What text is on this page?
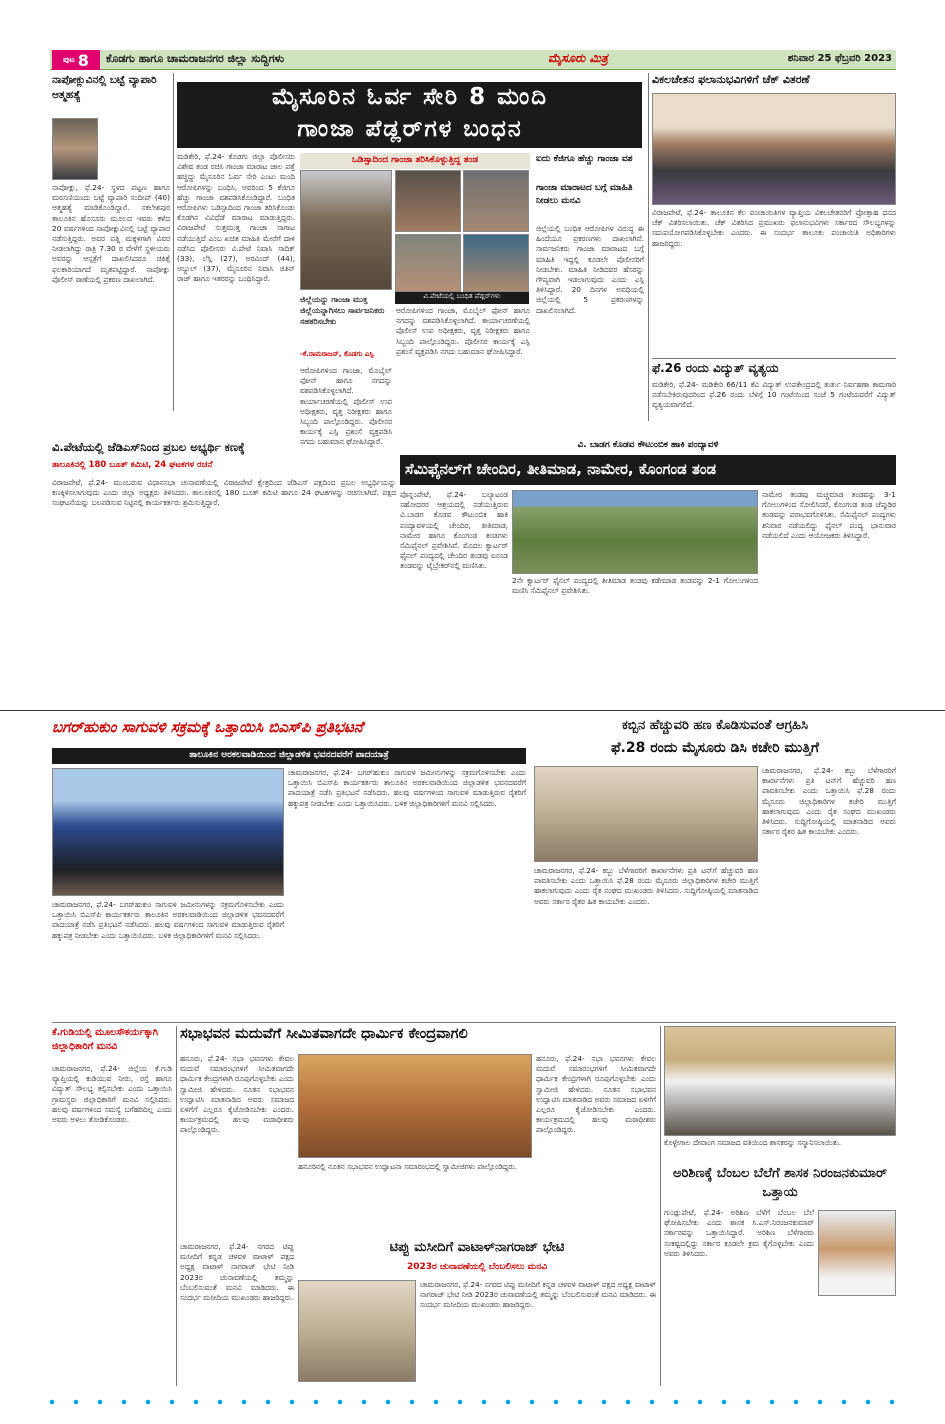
ಪುಟ 8 ಕೊಡಗು ಹಾಗೂ ಚಾಮರಾಜನಗರ ಜಿಲ್ಲಾ ಸುದ್ದಿಗಳು	ಮೈಸೂರು ಮಿತ್ರ	ಶನಿವಾರ 25 ಫೆಬ್ರವರಿ 2023
ನಾಪೋಕ್ಲುವಿನಲ್ಲಿ ಬಟ್ಟೆ ವ್ಯಾಪಾರಿ ಆತ್ಮಹತ್ಯೆ
ನಾಪೋಕ್ಲು, ಫೆ.24- ಸ್ಥಳದ ಪಟ್ಟಣ ಹಾಗೂ ಮರಸಣಿಯಂದು ಬಟ್ಟೆ ವ್ಯಾಪಾರಿ ಸಂದೀಪ್ (40) ಆತ್ಮಹತ್ಯೆ ಮಾಡಿಕೊಂಡಿದ್ದಾರೆ. ಸಕಲೇಶಪುರ ತಾಲೂಕಿನ ಹೊಸೂರು ಮೂಲದ ಇವರು ಕಳೆದ 20 ವರ್ಷಗಳಿಂದ ನಾಪೋಕ್ಲುವಿನಲ್ಲಿ ಬಟ್ಟೆ ವ್ಯಾಪಾರ ನಡೆಸುತ್ತಿದ್ದರು. ಅವರ ಪತ್ನಿ ಮಕ್ಕಳಿಗಾಗಿ ವಿವರ ನೀಡಲಾಗಿದ್ದು ರಾತ್ರಿ 7.30 ರ ವೇಳೆಗೆ ಸ್ಥಳೀಯರು ಅವರನ್ನು ಆಸ್ಪತ್ರೆಗೆ ದಾಖಲಿಸಿದರೂ ಚಿಕಿತ್ಸೆ ಫಲಕಾರಿಯಾಗದೆ ಮೃತಪಟ್ಟಿದ್ದಾರೆ. ನಾಪೋಕ್ಲು ಪೊಲೀಸ್ ಠಾಣೆಯಲ್ಲಿ ಪ್ರಕರಣ ದಾಖಲಾಗಿದೆ.
ಮೈಸೂರಿನ ಓರ್ವ ಸೇರಿ 8 ಮಂದಿ
ಗಾಂಜಾ ಪೆಡ್ಲರ್‌ಗಳ ಬಂಧನ
ಮಡಿಕೇರಿ, ಫೆ.24- ಕೊಡಗು ಜಿಲ್ಲಾ ಪೊಲೀಸರು ವಿಶೇಷ ತಂಡ ರಚಿಸಿ ಗಾಂಜಾ ಮಾರಾಟ ಜಾಲ ಪತ್ತೆ ಹಚ್ಚಿದ್ದು ಮೈಸೂರಿನ ಓರ್ವ ಸೇರಿ ಎಂಟು ಮಂದಿ ಆರೋಪಿಗಳನ್ನು ಬಂಧಿಸಿ, ಅವರಿಂದ 5 ಕೆಜಿಗೂ ಹೆಚ್ಚು ಗಾಂಜಾ ವಶಪಡಿಸಿಕೊಂಡಿದ್ದಾರೆ. ಬಂಧಿತ ಆರೋಪಿಗಳು ಒಡಿಸ್ಸಾದಿಂದ ಗಾಂಜಾ ತರಿಸಿಕೊಂಡು ಕೊಡಗಿನ ವಿವಿಧೆಡೆ ಮಾರಾಟ ಮಾಡುತ್ತಿದ್ದರು. ವಿರಾಜಪೇಟೆ ಸುತ್ತಮುತ್ತ ಗಾಂಜಾ ಸಾಗಾಟ ನಡೆಯುತ್ತಿದೆ ಎಂಬ ಖಚಿತ ಮಾಹಿತಿ ಮೇರೆಗೆ ದಾಳಿ ನಡೆಸಿದ ಪೊಲೀಸರು ವಿ.ಪೇಟೆ ನಿವಾಸಿ ಸಾದಿಕ್ (33), ಲೆಸ್ಲಿ (27), ಅರವಿಂದ್ (44), ಅಬ್ದುಲ್ (37), ಮೈಸೂರಿನ ನಿವಾಸಿ ಜಿತಿನ್ ರಾಜ್ ಹಾಗೂ ಇತರರನ್ನು ಬಂಧಿಸಿದ್ದಾರೆ.
ಒಡಿಸ್ಸಾದಿಂದ ಗಾಂಜಾ ತರಿಸಿಕೊಳ್ಳುತ್ತಿದ್ದ ತಂಡ
ವಿ.ಪೇಟೆಯಲ್ಲಿ ಬಂಧಿತ ಪೆಡ್ಲರ್‌ಗಳು
ಜಿಲ್ಲೆಯನ್ನು ಗಾಂಜಾ ಮುಕ್ತ ಜಿಲ್ಲೆಯನ್ನಾಗಿಸಲು ಸಾರ್ವಜನಿಕರು ಸಹಕರಿಸಬೇಕು
-ಕೆ.ರಾಮರಾಜನ್, ಕೊಡಗು ಎಸ್ಪಿ
ಆರೋಪಿಗಳಿಂದ ಗಾಂಜಾ, ಮೊಬೈಲ್ ಫೋನ್ ಹಾಗೂ ನಗದನ್ನು ವಶಪಡಿಸಿಕೊಳ್ಳಲಾಗಿದೆ. ಕಾರ್ಯಾಚರಣೆಯಲ್ಲಿ ಪೊಲೀಸ್ ಉಪ ಅಧೀಕ್ಷಕರು, ವೃತ್ತ ನಿರೀಕ್ಷಕರು ಹಾಗೂ ಸಿಬ್ಬಂದಿ ಪಾಲ್ಗೊಂಡಿದ್ದರು. ಪೊಲೀಸರ ಕಾರ್ಯಕ್ಕೆ ಎಸ್ಪಿ ಪ್ರಶಂಸೆ ವ್ಯಕ್ತಪಡಿಸಿ ನಗದು ಬಹುಮಾನ ಘೋಷಿಸಿದ್ದಾರೆ.
ಆರೋಪಿಗಳಿಂದ ಗಾಂಜಾ, ಮೊಬೈಲ್ ಫೋನ್ ಹಾಗೂ ನಗದನ್ನು ವಶಪಡಿಸಿಕೊಳ್ಳಲಾಗಿದೆ. ಕಾರ್ಯಾಚರಣೆಯಲ್ಲಿ ಪೊಲೀಸ್ ಉಪ ಅಧೀಕ್ಷಕರು, ವೃತ್ತ ನಿರೀಕ್ಷಕರು ಹಾಗೂ ಸಿಬ್ಬಂದಿ ಪಾಲ್ಗೊಂಡಿದ್ದರು. ಪೊಲೀಸರ ಕಾರ್ಯಕ್ಕೆ ಎಸ್ಪಿ ಪ್ರಶಂಸೆ ವ್ಯಕ್ತಪಡಿಸಿ ನಗದು ಬಹುಮಾನ ಘೋಷಿಸಿದ್ದಾರೆ.
ಐದು ಕೆಜಿಗೂ ಹೆಚ್ಚು ಗಾಂಜಾ ವಶ
ಗಾಂಜಾ ಮಾರಾಟದ ಬಗ್ಗೆ ಮಾಹಿತಿ ನೀಡಲು ಮನವಿ
ಜಿಲ್ಲೆಯಲ್ಲಿ ಬಂಧಿತ ಆರೋಪಿಗಳ ವಿರುದ್ಧ ಈ ಹಿಂದೆಯೂ ಪ್ರಕರಣಗಳು ದಾಖಲಾಗಿವೆ. ಸಾರ್ವಜನಿಕರು ಗಾಂಜಾ ಮಾರಾಟದ ಬಗ್ಗೆ ಮಾಹಿತಿ ಇದ್ದಲ್ಲಿ ಕೂಡಲೇ ಪೊಲೀಸರಿಗೆ ನೀಡಬೇಕು. ಮಾಹಿತಿ ನೀಡಿದವರ ಹೆಸರನ್ನು ಗೌಪ್ಯವಾಗಿ ಇಡಲಾಗುವುದು ಎಂದು ಎಸ್ಪಿ ತಿಳಿಸಿದ್ದಾರೆ. 20 ದಿನಗಳ ಅವಧಿಯಲ್ಲಿ ಜಿಲ್ಲೆಯಲ್ಲಿ 5 ಪ್ರಕರಣಗಳನ್ನು ದಾಖಲಿಸಲಾಗಿದೆ.
ವಿಕಲಚೇತನ ಫಲಾನುಭವಿಗಳಿಗೆ ಚೆಕ್ ವಿತರಣೆ
ವಿರಾಜಪೇಟೆ, ಫೆ.24- ತಾಲೂಕಿನ ಕೆಲ ಪಂಚಾಯಿತಿಗಳ ವ್ಯಾಪ್ತಿಯ ವಿಕಲಚೇತನರಿಗೆ ಪ್ರೋತ್ಸಾಹ ಧನದ ಚೆಕ್ ವಿತರಿಸಲಾಯಿತು. ಚೆಕ್ ವಿತರಿಸಿದ ಪ್ರಮುಖರು ಫಲಾನುಭವಿಗಳು ಸರ್ಕಾರದ ಸೌಲಭ್ಯಗಳನ್ನು ಸದುಪಯೋಗಪಡಿಸಿಕೊಳ್ಳಬೇಕು ಎಂದರು. ಈ ಸಂದರ್ಭ ತಾಲೂಕು ಪಂಚಾಯಿತಿ ಅಧಿಕಾರಿಗಳು ಹಾಜರಿದ್ದರು.
ಫೆ.26 ರಂದು ವಿದ್ಯುತ್ ವ್ಯತ್ಯಯ
ಮಡಿಕೇರಿ, ಫೆ.24- ಮಡಿಕೇರಿ 66/11 ಕೆವಿ ವಿದ್ಯುತ್ ಉಪಕೇಂದ್ರದಲ್ಲಿ ತುರ್ತು ನಿರ್ವಹಣಾ ಕಾಮಗಾರಿ ನಡೆಸಬೇಕಿರುವುದರಿಂದ ಫೆ.26 ರಂದು ಬೆಳಿಗ್ಗೆ 10 ಗಂಟೆಯಿಂದ ಸಂಜೆ 5 ಗಂಟೆಯವರೆಗೆ ವಿದ್ಯುತ್ ವ್ಯತ್ಯಯವಾಗಲಿದೆ.
ವಿ. ಬಾಡಗ ಕೊಡವ ಕೌಟುಂಬಿಕ ಹಾಕಿ ಪಂದ್ಯಾವಳಿ
ಸೆಮಿಫೈನಲ್‌ಗೆ ಚೇಂದಿರ, ತೀತಿಮಾಡ, ನಾಮೇರ, ಕೊಂಗಂಡ ತಂಡ
ಪೊನ್ನಂಪೇಟೆ, ಫೆ.24- ಬಲ್ಯಾಟಂಡ ಸಹೋದರರ ಆಶ್ರಯದಲ್ಲಿ ನಡೆಯುತ್ತಿರುವ ವಿ.ಬಾಡಗ ಕೊಡವ ಕೌಟುಂಬಿಕ ಹಾಕಿ ಪಂದ್ಯಾವಳಿಯಲ್ಲಿ ಚೇಂದಿರ, ತೀತಿಮಾಡ, ನಾಮೇರ ಹಾಗೂ ಕೊಂಗಂಡ ತಂಡಗಳು ಸೆಮಿಫೈನಲ್ ಪ್ರವೇಶಿಸಿವೆ. ಮೊದಲ ಕ್ವಾರ್ಟರ್ ಫೈನಲ್ ಪಂದ್ಯದಲ್ಲಿ ಚೇಂದಿರ ತಂಡವು ಐನಂಡ ತಂಡವನ್ನು ಟೈಬ್ರೇಕರ್‌ನಲ್ಲಿ ಮಣಿಸಿತು.
2ನೇ ಕ್ವಾರ್ಟರ್ ಫೈನಲ್ ಪಂದ್ಯದಲ್ಲಿ ತೀತಿಮಾಡ ತಂಡವು ಕಡೇಮಾಡ ತಂಡವನ್ನು 2-1 ಗೋಲುಗಳಿಂದ ಮಣಿಸಿ ಸೆಮಿಫೈನಲ್ ಪ್ರವೇಶಿಸಿತು.
ನಾಮೇರ ತಂಡವು ಮಚ್ಚಮಾಡ ತಂಡವನ್ನು 3-1 ಗೋಲುಗಳಿಂದ ಸೋಲಿಸಿದರೆ, ಕೊಂಗಂಡ ತಂಡ ಚೆಪ್ಪುಡಿರ ತಂಡವನ್ನು ಪರಾಭವಗೊಳಿಸಿತು. ಸೆಮಿಫೈನಲ್ ಪಂದ್ಯಗಳು ಶನಿವಾರ ನಡೆಯಲಿದ್ದು ಫೈನಲ್ ಪಂದ್ಯ ಭಾನುವಾರ ನಡೆಯಲಿದೆ ಎಂದು ಆಯೋಜಕರು ತಿಳಿಸಿದ್ದಾರೆ.
ವಿ.ಪೇಟೆಯಲ್ಲಿ ಜೆಡಿಎಸ್‌ನಿಂದ ಪ್ರಬಲ ಅಭ್ಯರ್ಥಿ ಕಣಕ್ಕೆ
ತಾಲೂಕಿನಲ್ಲಿ 180 ಬೂತ್ ಕಮಿಟಿ, 24 ಘಟಕಗಳ ರಚನೆ
ವಿರಾಜಪೇಟೆ, ಫೆ.24- ಮುಂಬರುವ ವಿಧಾನಸಭಾ ಚುನಾವಣೆಯಲ್ಲಿ ವಿರಾಜಪೇಟೆ ಕ್ಷೇತ್ರದಿಂದ ಜೆಡಿಎಸ್ ಪಕ್ಷದಿಂದ ಪ್ರಬಲ ಅಭ್ಯರ್ಥಿಯನ್ನು ಕಣಕ್ಕಿಳಿಸಲಾಗುವುದು ಎಂದು ಜಿಲ್ಲಾ ಅಧ್ಯಕ್ಷರು ತಿಳಿಸಿದರು. ತಾಲೂಕಿನಲ್ಲಿ 180 ಬೂತ್ ಕಮಿಟಿ ಹಾಗೂ 24 ಘಟಕಗಳನ್ನು ರಚಿಸಲಾಗಿದೆ. ಪಕ್ಷದ ಸಂಘಟನೆಯನ್ನು ಬಲಪಡಿಸುವ ನಿಟ್ಟಿನಲ್ಲಿ ಕಾರ್ಯಕರ್ತರು ಶ್ರಮಿಸುತ್ತಿದ್ದಾರೆ.
ಬಗರ್‌ಹುಕುಂ ಸಾಗುವಳಿ ಸಕ್ರಮಕ್ಕೆ ಒತ್ತಾಯಿಸಿ ಬಿಎಸ್‌ಪಿ ಪ್ರತಿಭಟನೆ
ತಾಲೂಕಿನ ಅರಕಲವಾಡಿಯಿಂದ ಜಿಲ್ಲಾಡಳಿತ ಭವನದವರೆಗೆ ಪಾದಯಾತ್ರೆ
ಚಾಮರಾಜನಗರ, ಫೆ.24- ಬಗರ್‌ಹುಕುಂ ಸಾಗುವಳಿ ಜಮೀನುಗಳನ್ನು ಸಕ್ರಮಗೊಳಿಸಬೇಕು ಎಂದು ಒತ್ತಾಯಿಸಿ ಬಿಎಸ್‌ಪಿ ಕಾರ್ಯಕರ್ತರು ತಾಲೂಕಿನ ಅರಕಲವಾಡಿಯಿಂದ ಜಿಲ್ಲಾಡಳಿತ ಭವನದವರೆಗೆ ಪಾದಯಾತ್ರೆ ನಡೆಸಿ ಪ್ರತಿಭಟನೆ ನಡೆಸಿದರು. ಹಲವು ವರ್ಷಗಳಿಂದ ಸಾಗುವಳಿ ಮಾಡುತ್ತಿರುವ ರೈತರಿಗೆ ಹಕ್ಕುಪತ್ರ ನೀಡಬೇಕು ಎಂದು ಒತ್ತಾಯಿಸಿದರು. ಬಳಿಕ ಜಿಲ್ಲಾಧಿಕಾರಿಗಳಿಗೆ ಮನವಿ ಸಲ್ಲಿಸಿದರು.
ಚಾಮರಾಜನಗರ, ಫೆ.24- ಬಗರ್‌ಹುಕುಂ ಸಾಗುವಳಿ ಜಮೀನುಗಳನ್ನು ಸಕ್ರಮಗೊಳಿಸಬೇಕು ಎಂದು ಒತ್ತಾಯಿಸಿ ಬಿಎಸ್‌ಪಿ ಕಾರ್ಯಕರ್ತರು ತಾಲೂಕಿನ ಅರಕಲವಾಡಿಯಿಂದ ಜಿಲ್ಲಾಡಳಿತ ಭವನದವರೆಗೆ ಪಾದಯಾತ್ರೆ ನಡೆಸಿ ಪ್ರತಿಭಟನೆ ನಡೆಸಿದರು. ಹಲವು ವರ್ಷಗಳಿಂದ ಸಾಗುವಳಿ ಮಾಡುತ್ತಿರುವ ರೈತರಿಗೆ ಹಕ್ಕುಪತ್ರ ನೀಡಬೇಕು ಎಂದು ಒತ್ತಾಯಿಸಿದರು. ಬಳಿಕ ಜಿಲ್ಲಾಧಿಕಾರಿಗಳಿಗೆ ಮನವಿ ಸಲ್ಲಿಸಿದರು.
ಕಬ್ಬಿನ ಹೆಚ್ಚುವರಿ ಹಣ ಕೊಡಿಸುವಂತೆ ಆಗ್ರಹಿಸಿ
ಫೆ.28 ರಂದು ಮೈಸೂರು ಡಿಸಿ ಕಚೇರಿ ಮುತ್ತಿಗೆ
ಚಾಮರಾಜನಗರ, ಫೆ.24- ಕಬ್ಬು ಬೆಳೆಗಾರರಿಗೆ ಕಾರ್ಖಾನೆಗಳು ಪ್ರತಿ ಟನ್‌ಗೆ ಹೆಚ್ಚುವರಿ ಹಣ ಪಾವತಿಸಬೇಕು ಎಂದು ಒತ್ತಾಯಿಸಿ ಫೆ.28 ರಂದು ಮೈಸೂರು ಜಿಲ್ಲಾಧಿಕಾರಿಗಳ ಕಚೇರಿ ಮುತ್ತಿಗೆ ಹಾಕಲಾಗುವುದು ಎಂದು ರೈತ ಸಂಘದ ಮುಖಂಡರು ತಿಳಿಸಿದರು. ಸುದ್ದಿಗೋಷ್ಠಿಯಲ್ಲಿ ಮಾತನಾಡಿದ ಅವರು ಸರ್ಕಾರ ರೈತರ ಹಿತ ಕಾಯಬೇಕು ಎಂದರು.
ಚಾಮರಾಜನಗರ, ಫೆ.24- ಕಬ್ಬು ಬೆಳೆಗಾರರಿಗೆ ಕಾರ್ಖಾನೆಗಳು ಪ್ರತಿ ಟನ್‌ಗೆ ಹೆಚ್ಚುವರಿ ಹಣ ಪಾವತಿಸಬೇಕು ಎಂದು ಒತ್ತಾಯಿಸಿ ಫೆ.28 ರಂದು ಮೈಸೂರು ಜಿಲ್ಲಾಧಿಕಾರಿಗಳ ಕಚೇರಿ ಮುತ್ತಿಗೆ ಹಾಕಲಾಗುವುದು ಎಂದು ರೈತ ಸಂಘದ ಮುಖಂಡರು ತಿಳಿಸಿದರು. ಸುದ್ದಿಗೋಷ್ಠಿಯಲ್ಲಿ ಮಾತನಾಡಿದ ಅವರು ಸರ್ಕಾರ ರೈತರ ಹಿತ ಕಾಯಬೇಕು ಎಂದರು.
ಕೆ.ಗುಡಿಯಲ್ಲಿ ಮೂಲಸೌಕರ್ಯಕ್ಕಾಗಿ ಜಿಲ್ಲಾಧಿಕಾರಿಗೆ ಮನವಿ
ಚಾಮರಾಜನಗರ, ಫೆ.24- ಜಿಲ್ಲೆಯ ಕೆ.ಗುಡಿ ವ್ಯಾಪ್ತಿಯಲ್ಲಿ ಕುಡಿಯುವ ನೀರು, ರಸ್ತೆ ಹಾಗೂ ವಿದ್ಯುತ್ ಸೌಲಭ್ಯ ಕಲ್ಪಿಸಬೇಕು ಎಂದು ಒತ್ತಾಯಿಸಿ ಗ್ರಾಮಸ್ಥರು ಜಿಲ್ಲಾಧಿಕಾರಿಗೆ ಮನವಿ ಸಲ್ಲಿಸಿದರು. ಹಲವು ವರ್ಷಗಳಿಂದ ಸಮಸ್ಯೆ ಬಗೆಹರಿದಿಲ್ಲ ಎಂದು ಅವರು ಅಳಲು ತೋಡಿಕೊಂಡರು.
ಸಭಾಭವನ ಮದುವೆಗೆ ಸೀಮಿತವಾಗದೇ ಧಾರ್ಮಿಕ ಕೇಂದ್ರವಾಗಲಿ
ಹನೂರು, ಫೆ.24- ಸಭಾ ಭವನಗಳು ಕೇವಲ ಮದುವೆ ಸಮಾರಂಭಗಳಿಗೆ ಸೀಮಿತವಾಗದೇ ಧಾರ್ಮಿಕ ಕೇಂದ್ರಗಳಾಗಿ ರೂಪುಗೊಳ್ಳಬೇಕು ಎಂದು ಸ್ವಾಮೀಜಿ ಹೇಳಿದರು. ನೂತನ ಸಭಾಭವನ ಉದ್ಘಾಟಿಸಿ ಮಾತನಾಡಿದ ಅವರು ಸಮಾಜದ ಏಳಿಗೆಗೆ ಎಲ್ಲರೂ ಕೈಜೋಡಿಸಬೇಕು ಎಂದರು. ಕಾರ್ಯಕ್ರಮದಲ್ಲಿ ಹಲವು ಮಠಾಧೀಶರು ಪಾಲ್ಗೊಂಡಿದ್ದರು.
ಹನೂರಿನಲ್ಲಿ ನೂತನ ಸಭಾಭವನ ಉದ್ಘಾಟನಾ ಸಮಾರಂಭದಲ್ಲಿ ಸ್ವಾಮೀಜಿಗಳು ಪಾಲ್ಗೊಂಡಿದ್ದರು.
ಹನೂರು, ಫೆ.24- ಸಭಾ ಭವನಗಳು ಕೇವಲ ಮದುವೆ ಸಮಾರಂಭಗಳಿಗೆ ಸೀಮಿತವಾಗದೇ ಧಾರ್ಮಿಕ ಕೇಂದ್ರಗಳಾಗಿ ರೂಪುಗೊಳ್ಳಬೇಕು ಎಂದು ಸ್ವಾಮೀಜಿ ಹೇಳಿದರು. ನೂತನ ಸಭಾಭವನ ಉದ್ಘಾಟಿಸಿ ಮಾತನಾಡಿದ ಅವರು ಸಮಾಜದ ಏಳಿಗೆಗೆ ಎಲ್ಲರೂ ಕೈಜೋಡಿಸಬೇಕು ಎಂದರು. ಕಾರ್ಯಕ್ರಮದಲ್ಲಿ ಹಲವು ಮಠಾಧೀಶರು ಪಾಲ್ಗೊಂಡಿದ್ದರು.
ಟಿಪ್ಪು ಮಸೀದಿಗೆ ವಾಟಾಳ್‌ನಾಗರಾಜ್ ಭೇಟಿ
2023ರ ಚುನಾವಣೆಯಲ್ಲಿ ಬೆಂಬಲಿಸಲು ಮನವಿ
ಚಾಮರಾಜನಗರ, ಫೆ.24- ನಗರದ ಟಿಪ್ಪು ಮಸೀದಿಗೆ ಕನ್ನಡ ಚಳವಳಿ ವಾಟಾಳ್ ಪಕ್ಷದ ಅಧ್ಯಕ್ಷ ವಾಟಾಳ್ ನಾಗರಾಜ್ ಭೇಟಿ ನೀಡಿ 2023ರ ಚುನಾವಣೆಯಲ್ಲಿ ತಮ್ಮನ್ನು ಬೆಂಬಲಿಸುವಂತೆ ಮನವಿ ಮಾಡಿದರು. ಈ ಸಂದರ್ಭ ಮಸೀದಿಯ ಮುಖಂಡರು ಹಾಜರಿದ್ದರು.
ಚಾಮರಾಜನಗರ, ಫೆ.24- ನಗರದ ಟಿಪ್ಪು ಮಸೀದಿಗೆ ಕನ್ನಡ ಚಳವಳಿ ವಾಟಾಳ್ ಪಕ್ಷದ ಅಧ್ಯಕ್ಷ ವಾಟಾಳ್ ನಾಗರಾಜ್ ಭೇಟಿ ನೀಡಿ 2023ರ ಚುನಾವಣೆಯಲ್ಲಿ ತಮ್ಮನ್ನು ಬೆಂಬಲಿಸುವಂತೆ ಮನವಿ ಮಾಡಿದರು. ಈ ಸಂದರ್ಭ ಮಸೀದಿಯ ಮುಖಂಡರು ಹಾಜರಿದ್ದರು.
ಕೊಳ್ಳೇಗಾಲ ದೇವಾಂಗ ಸಮಾಜದ ವತಿಯಿಂದ ಶಾಸಕರನ್ನು ಸನ್ಮಾನಿಸಲಾಯಿತು.
ಅರಿಶಿಣಕ್ಕೆ ಬೆಂಬಲ ಬೆಲೆಗೆ ಶಾಸಕ ನಿರಂಜನಕುಮಾರ್ ಒತ್ತಾಯ
ಗುಂಡ್ಲುಪೇಟೆ, ಫೆ.24- ಅರಿಶಿಣ ಬೆಳೆಗೆ ಬೆಂಬಲ ಬೆಲೆ ಘೋಷಿಸಬೇಕು ಎಂದು ಶಾಸಕ ಸಿ.ಎಸ್.ನಿರಂಜನಕುಮಾರ್ ಸರ್ಕಾರವನ್ನು ಒತ್ತಾಯಿಸಿದ್ದಾರೆ. ಅರಿಶಿಣ ಬೆಳೆಗಾರರು ಸಂಕಷ್ಟದಲ್ಲಿದ್ದು ಸರ್ಕಾರ ಕೂಡಲೇ ಕ್ರಮ ಕೈಗೊಳ್ಳಬೇಕು ಎಂದು ಅವರು ತಿಳಿಸಿದರು.
